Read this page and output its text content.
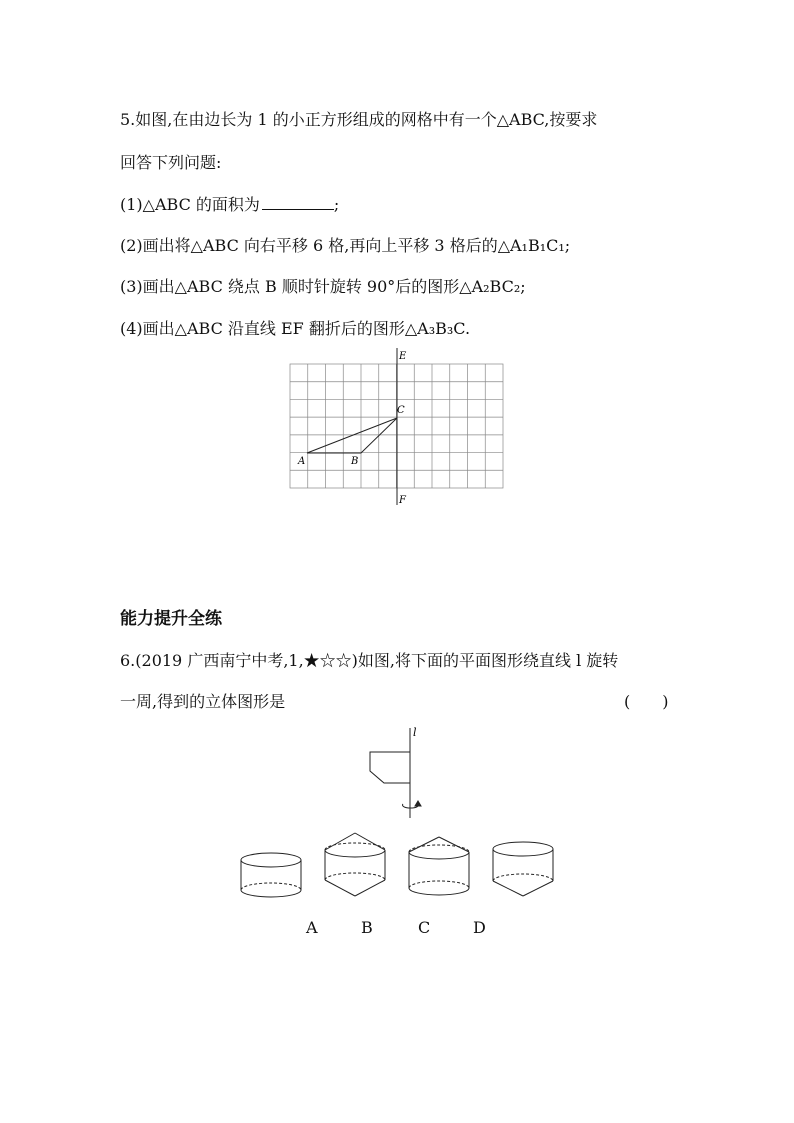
5.如图,在由边长为 1 的小正方形组成的网格中有一个△ABC,按要求
回答下列问题:
(1)△ABC 的面积为	;
(2)画出将△ABC 向右平移 6 格,再向上平移 3 格后的△A₁B₁C₁;
(3)画出△ABC 绕点 B 顺时针旋转 90°后的图形△A₂BC₂;
(4)画出△ABC 沿直线 EF 翻折后的图形△A₃B₃C.
E
F
A	B
C
l
能力提升全练
6.(2019 广西南宁中考,1,★☆☆)如图,将下面的平面图形绕直线 l 旋转
一周,得到的立体图形是	(　　)
A	B	C	D
